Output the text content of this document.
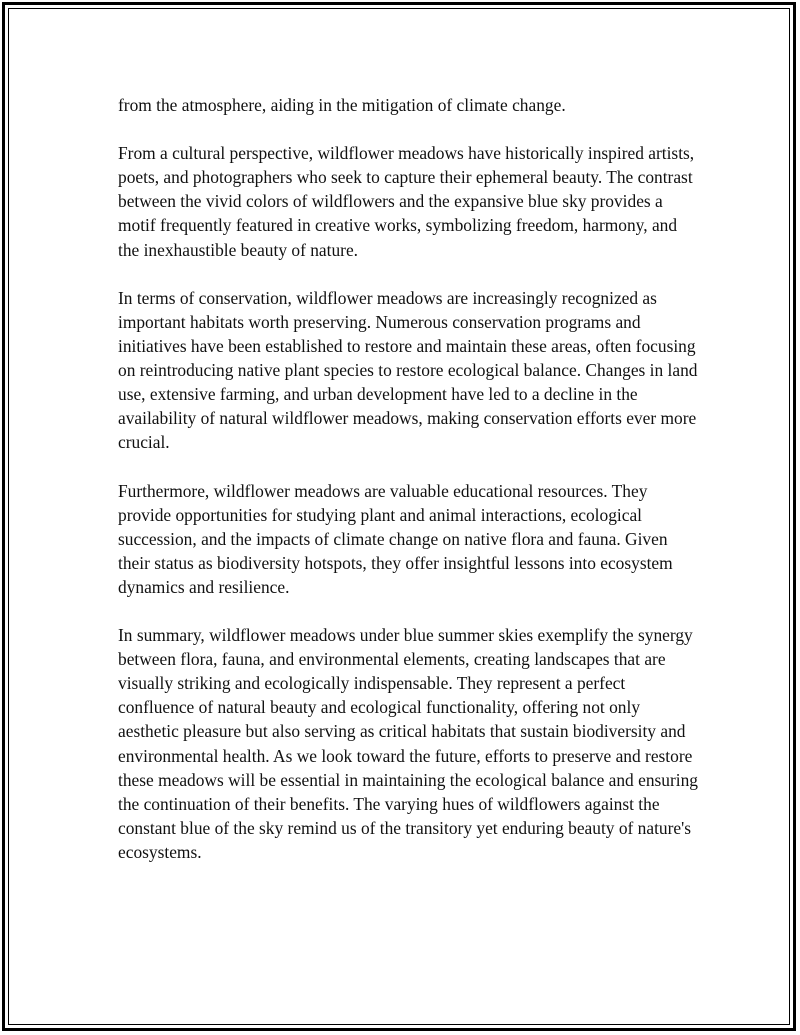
from the atmosphere, aiding in the mitigation of climate change.

From a cultural perspective, wildflower meadows have historically inspired artists, poets, and photographers who seek to capture their ephemeral beauty. The contrast between the vivid colors of wildflowers and the expansive blue sky provides a motif frequently featured in creative works, symbolizing freedom, harmony, and the inexhaustible beauty of nature.

In terms of conservation, wildflower meadows are increasingly recognized as important habitats worth preserving. Numerous conservation programs and initiatives have been established to restore and maintain these areas, often focusing on reintroducing native plant species to restore ecological balance. Changes in land use, extensive farming, and urban development have led to a decline in the availability of natural wildflower meadows, making conservation efforts ever more crucial.

Furthermore, wildflower meadows are valuable educational resources. They provide opportunities for studying plant and animal interactions, ecological succession, and the impacts of climate change on native flora and fauna. Given their status as biodiversity hotspots, they offer insightful lessons into ecosystem dynamics and resilience.

In summary, wildflower meadows under blue summer skies exemplify the synergy between flora, fauna, and environmental elements, creating landscapes that are visually striking and ecologically indispensable. They represent a perfect confluence of natural beauty and ecological functionality, offering not only aesthetic pleasure but also serving as critical habitats that sustain biodiversity and environmental health. As we look toward the future, efforts to preserve and restore these meadows will be essential in maintaining the ecological balance and ensuring the continuation of their benefits. The varying hues of wildflowers against the constant blue of the sky remind us of the transitory yet enduring beauty of nature's ecosystems.
